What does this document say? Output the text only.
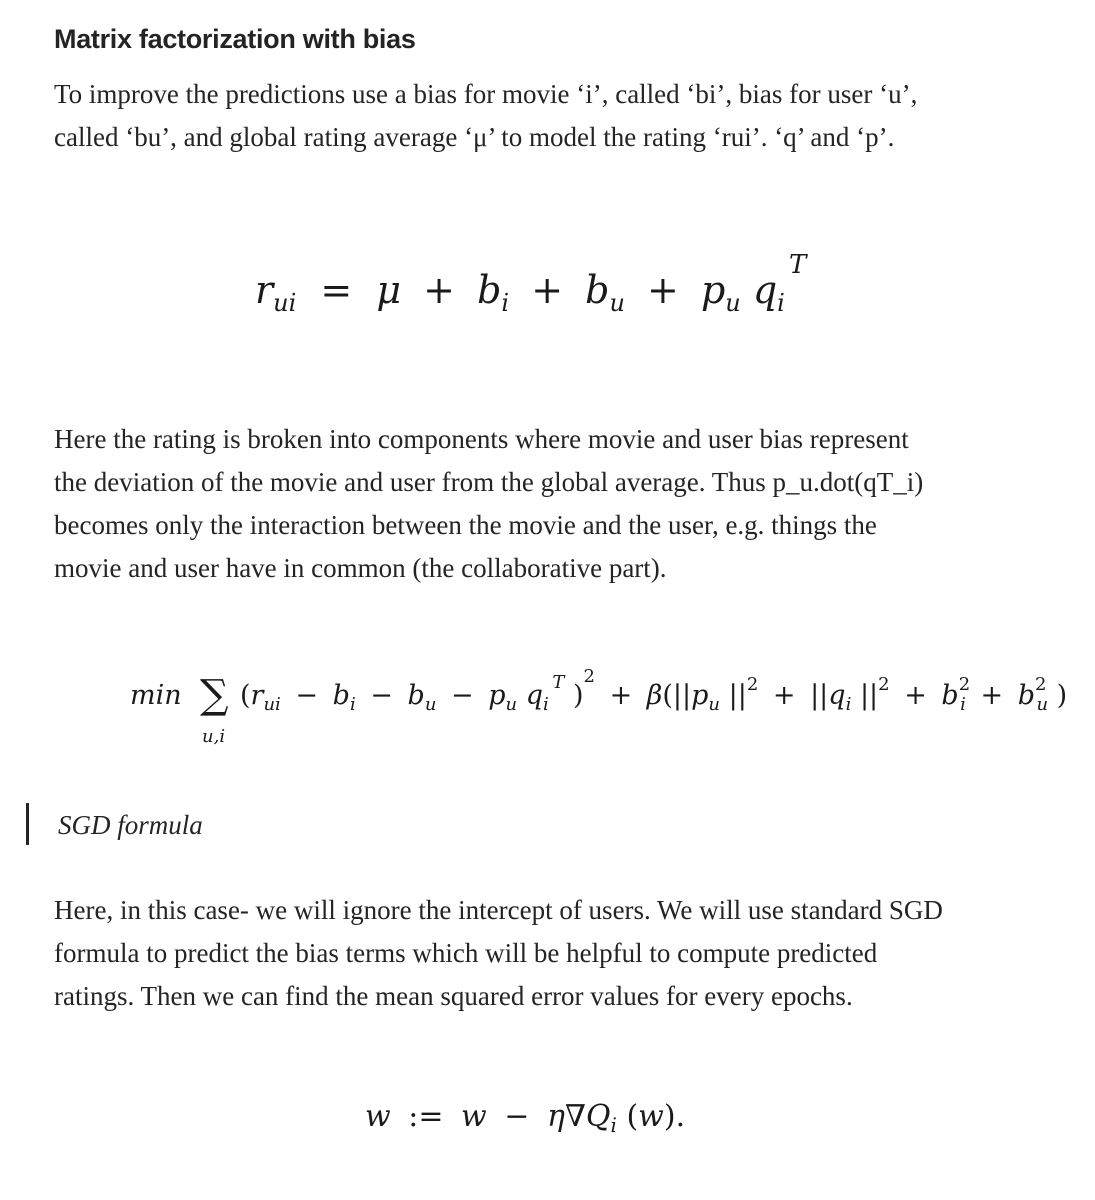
Matrix factorization with bias

To improve the predictions use a bias for movie ‘i’, called ‘bi’, bias for user ‘u’,
called ‘bu’, and global rating average ‘μ’ to model the rating ‘rui’. ‘q’ and ‘p’.

$r_{ui} = \mu + b_i + b_u + p_u$ $q_i$ T

Here the rating is broken into components where movie and user bias represent
the deviation of the movie and user from the global average. Thus p_u.dot(qT_i)
becomes only the interaction between the movie and the user, e.g. things the
movie and user have in common (the collaborative part).

min ∑
u,i
($r_{ui} - b_i - b_u - p_u$ $q_i$ T )$^2 + \beta(||p_u$ $||^2 + ||q_i$ $||^2 + b^2$ $i + b^2$ u )

SGD formula

Here, in this case- we will ignore the intercept of users. We will use standard SGD
formula to predict the bias terms which will be helpful to compute predicted
ratings. Then we can find the mean squared error values for every epochs.

w := $w - \eta\nabla Q_i$ (w).
